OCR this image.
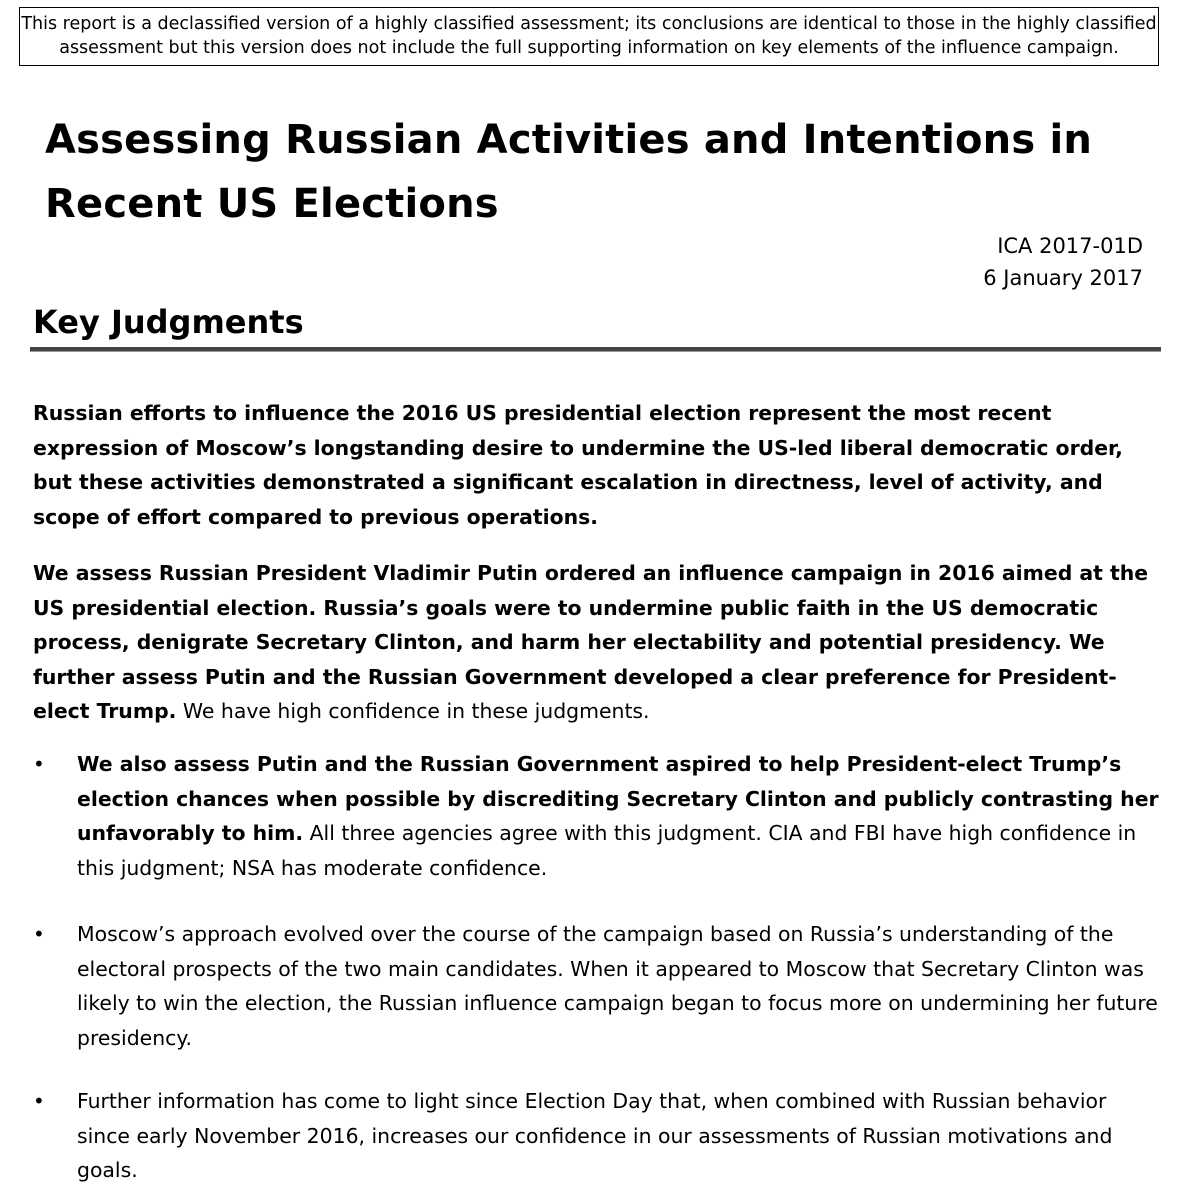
This report is a declassified version of a highly classified assessment; its conclusions are identical to those in the highly classified
assessment but this version does not include the full supporting information on key elements of the influence campaign.
Assessing Russian Activities and Intentions in
Recent US Elections
ICA 2017-01D
6 January 2017
Key Judgments

Russian efforts to influence the 2016 US presidential election represent the most recent expression of Moscow’s longstanding desire to undermine the US-led liberal democratic order, but these activities demonstrated a significant escalation in directness, level of activity, and scope of effort compared to previous operations.

We assess Russian President Vladimir Putin ordered an influence campaign in 2016 aimed at the US presidential election. Russia’s goals were to undermine public faith in the US democratic process, denigrate Secretary Clinton, and harm her electability and potential presidency. We further assess Putin and the Russian Government developed a clear preference for President-elect Trump. We have high confidence in these judgments.

• We also assess Putin and the Russian Government aspired to help President-elect Trump’s election chances when possible by discrediting Secretary Clinton and publicly contrasting her unfavorably to him. All three agencies agree with this judgment. CIA and FBI have high confidence in this judgment; NSA has moderate confidence.

• Moscow’s approach evolved over the course of the campaign based on Russia’s understanding of the electoral prospects of the two main candidates. When it appeared to Moscow that Secretary Clinton was likely to win the election, the Russian influence campaign began to focus more on undermining her future presidency.

• Further information has come to light since Election Day that, when combined with Russian behavior since early November 2016, increases our confidence in our assessments of Russian motivations and goals.
